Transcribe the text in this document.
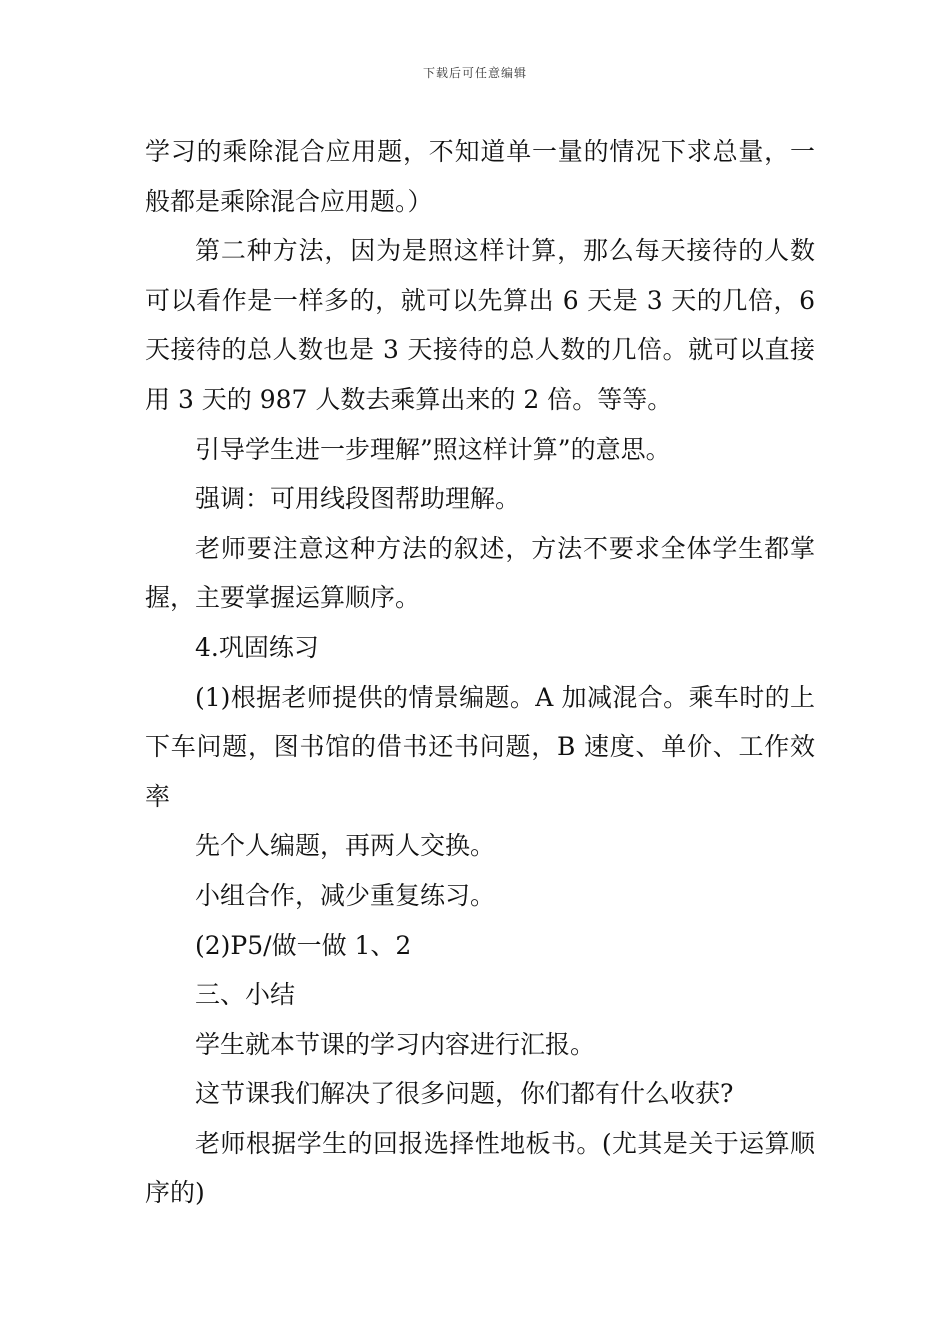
下载后可任意编辑

学习的乘除混合应用题，不知道单一量的情况下求总量，一般都是乘除混合应用题。）

第二种方法，因为是照这样计算，那么每天接待的人数可以看作是一样多的，就可以先算出 6 天是 3 天的几倍，6 天接待的总人数也是 3 天接待的总人数的几倍。就可以直接用 3 天的 987 人数去乘算出来的 2 倍。等等。

引导学生进一步理解”照这样计算”的意思。

强调：可用线段图帮助理解。

老师要注意这种方法的叙述，方法不要求全体学生都掌握，主要掌握运算顺序。

4.巩固练习

(1)根据老师提供的情景编题。A 加减混合。乘车时的上下车问题，图书馆的借书还书问题，B 速度、单价、工作效率

先个人编题，再两人交换。

小组合作，减少重复练习。

(2)P5/做一做 1、2

三、小结

学生就本节课的学习内容进行汇报。

这节课我们解决了很多问题，你们都有什么收获?

老师根据学生的回报选择性地板书。(尤其是关于运算顺序的)
